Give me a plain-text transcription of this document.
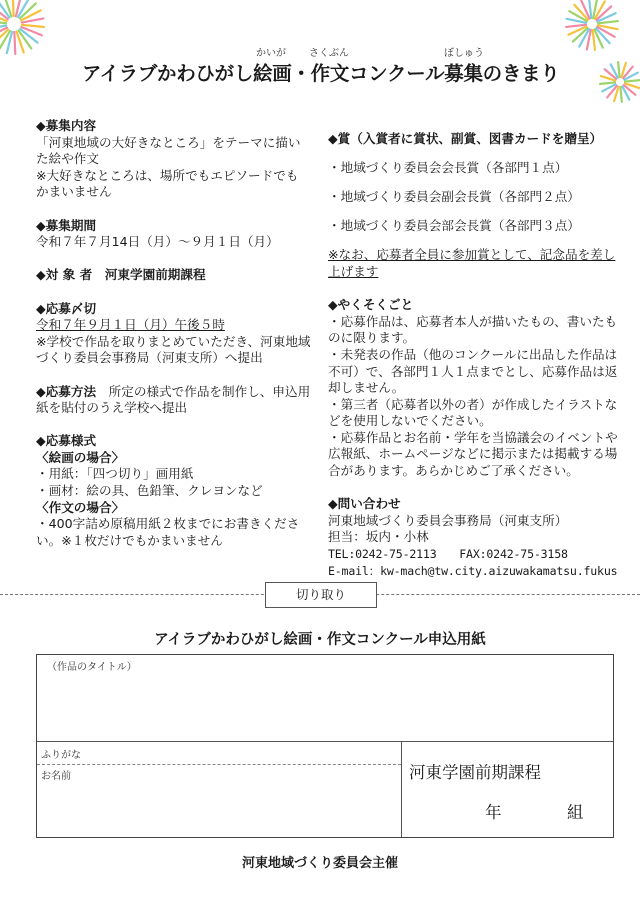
かいが さくぶん	ぼしゅう
アイラブかわひがし絵画・作文コンクール募集のきまり

◆募集内容

「河東地域の大好きなところ」をテーマに描いた絵や作文

※大好きなところは、場所でもエピソードでもかまいません

◆募集期間

令和７年７月14日（月）～９月１日（月）

◆対 象 者　河東学園前期課程

◆応募〆切

令和７年９月１日（月）午後５時

※学校で作品を取りまとめていただき、河東地域づくり委員会事務局（河東支所）へ提出

◆応募方法　所定の様式で作品を制作し、申込用紙を貼付のうえ学校へ提出

◆応募様式

〈絵画の場合〉

・用紙：「四つ切り」画用紙

・画材：絵の具、色鉛筆、クレヨンなど

〈作文の場合〉

・400字詰め原稿用紙２枚までにお書きください。※１枚だけでもかまいません

◆賞（入賞者に賞状、副賞、図書カードを贈呈）

・地域づくり委員会会長賞（各部門１点）

・地域づくり委員会副会長賞（各部門２点）

・地域づくり委員会部会長賞（各部門３点）

※なお、応募者全員に参加賞として、記念品を差し上げます

◆やくそくごと

・応募作品は、応募者本人が描いたもの、書いたものに限ります。

・未発表の作品（他のコンクールに出品した作品は不可）で、各部門１人１点までとし、応募作品は返却しません。

・第三者（応募者以外の者）が作成したイラストなどを使用しないでください。

・応募作品とお名前・学年を当協議会のイベントや広報紙、ホームページなどに掲示または掲載する場合があります。あらかじめご了承ください。

◆問い合わせ

河東地域づくり委員会事務局（河東支所）

担当：坂内・小林

TEL:0242-75-2113　　 FAX:0242-75-3158

E-mail：kw-mach@tw.city.aizuwakamatsu.fukus

切り取り
アイラブかわひがし絵画・作文コンクール申込用紙
（作品のタイトル）
ふりがな
お名前	河東学園前期課程
年	組
河東地域づくり委員会主催
